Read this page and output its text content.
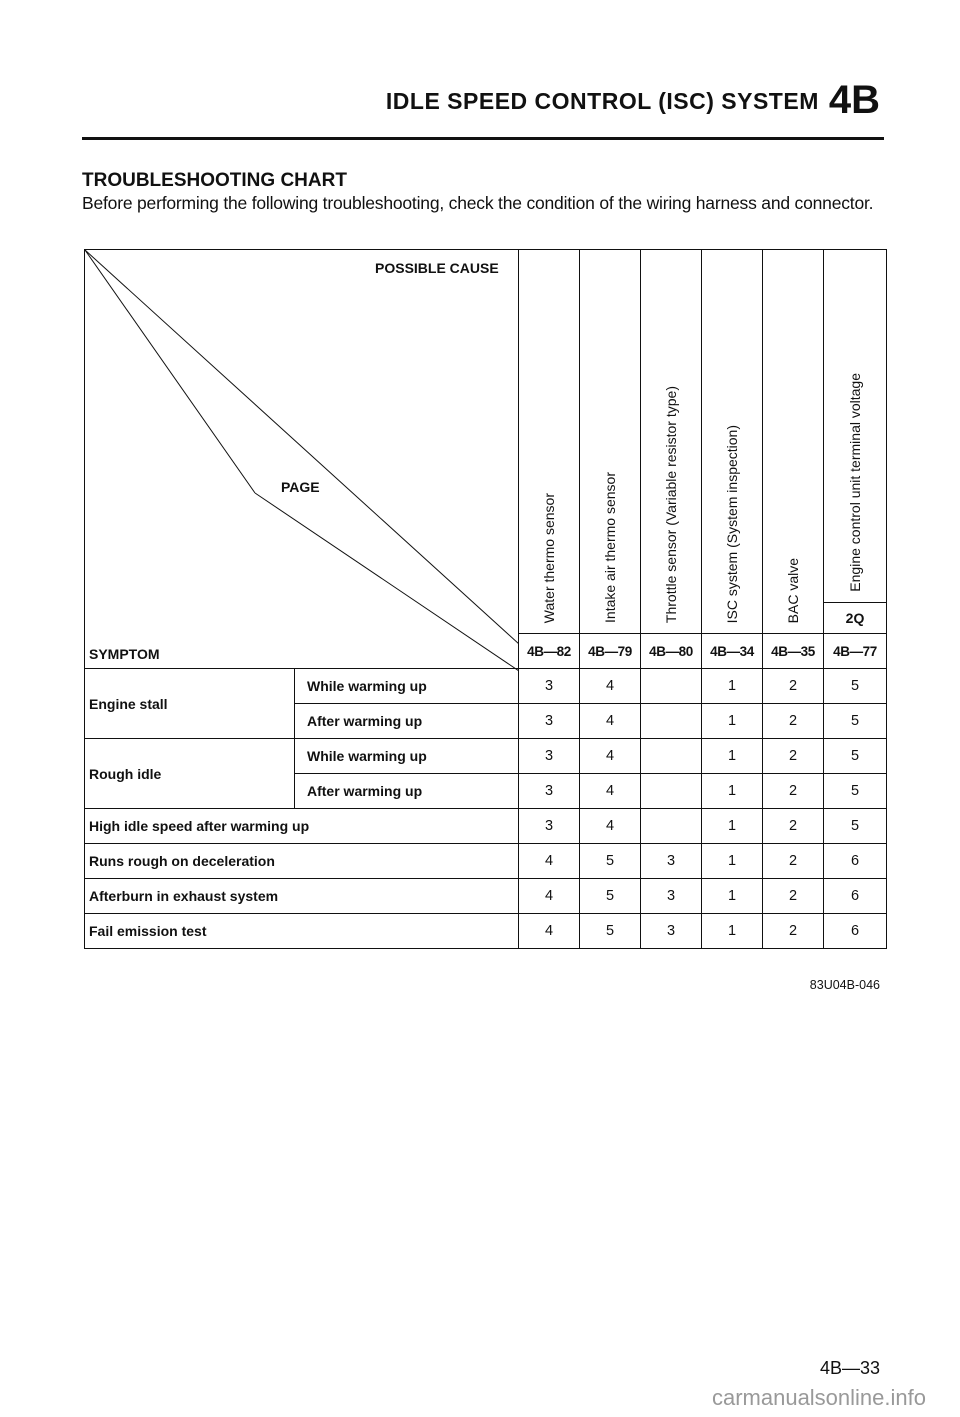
IDLE SPEED CONTROL (ISC) SYSTEM 4B
TROUBLESHOOTING CHART
Before performing the following troubleshooting, check the condition of the wiring harness and connector.
POSSIBLE CAUSE
PAGE
SYMPTOM		Water thermo sensor	Intake air thermo sensor	Throttle sensor (Variable resistor type)	ISC system (System inspection)	BAC valve	Engine control unit terminal voltage

							2Q
		4B—82	4B—79	4B—80	4B—34	4B—35	4B—77
Engine stall	While warming up	3	4		1	2	5
	After warming up	3	4		1	2	5
Rough idle	While warming up	3	4		1	2	5
	After warming up	3	4		1	2	5
High idle speed after warming up		3	4		1	2	5
Runs rough on deceleration		4	5	3	1	2	6
Afterburn in exhaust system		4	5	3	1	2	6
Fail emission test		4	5	3	1	2	6
83U04B-046
4B—33
carmanualsonline.info
